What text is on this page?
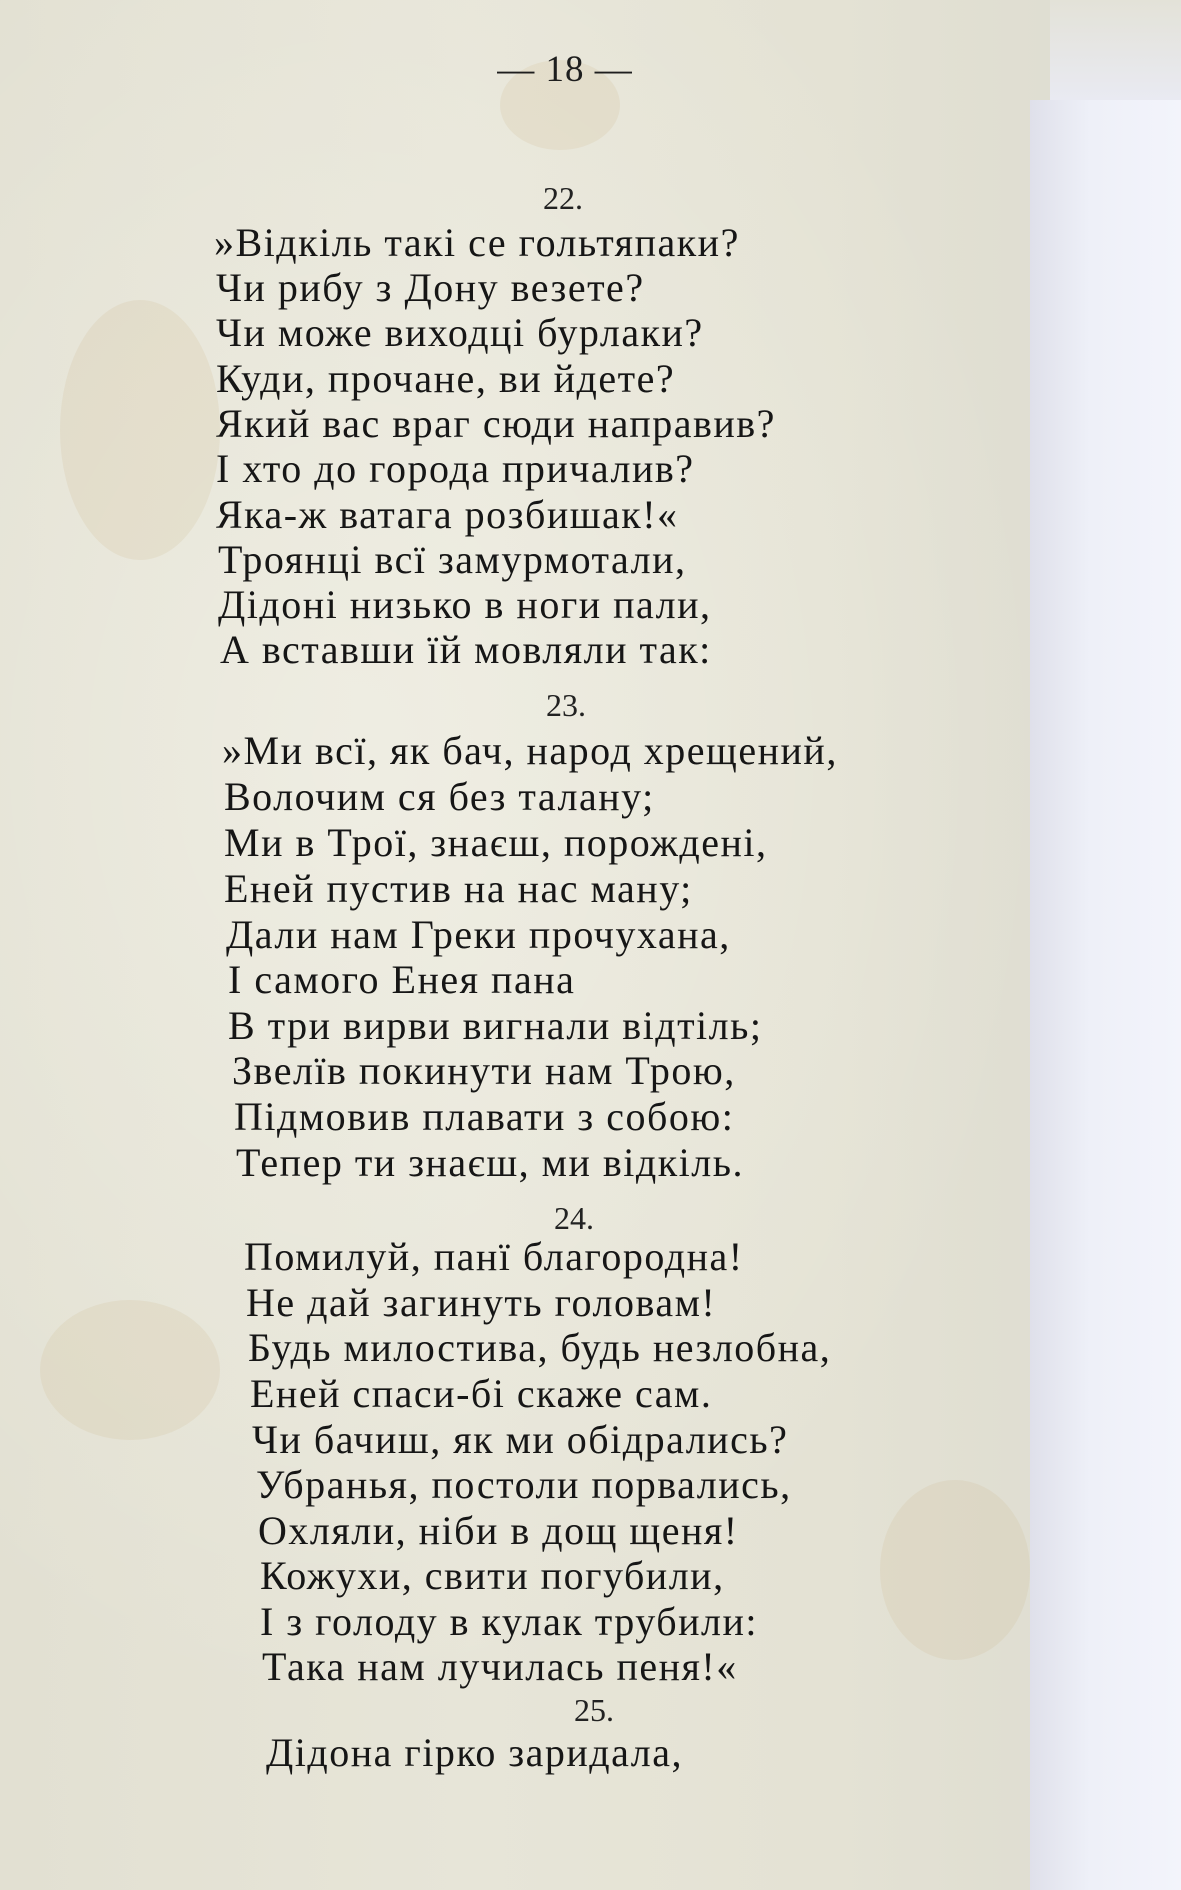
— 18 —
22.
»Відкіль такі се гольтяпаки?
Чи рибу з Дону везете?
Чи може виходці бурлаки?
Куди, прочане, ви йдете?
Який вас враг сюди направив?
І хто до города причалив?
Яка-ж ватага розбишак!«
Троянці всї замурмотали,
Дідоні низько в ноги пали,
А вставши їй мовляли так:
23.
»Ми всї, як бач, народ хрещений,
Волочим ся без талану;
Ми в Трої, знаєш, порождені,
Еней пустив на нас ману;
Дали нам Греки прочухана,
І самого Енея пана
В три вирви вигнали відтіль;
Звелїв покинути нам Трою,
Підмовив плавати з собою:
Тепер ти знаєш, ми відкіль.
24.
Помилуй, панї благородна!
Не дай загинуть головам!
Будь милостива, будь незлобна,
Еней спаси-бі скаже сам.
Чи бачиш, як ми обідрались?
Убранья, постоли порвались,
Охляли, ніби в дощ щеня!
Кожухи, свити погубили,
І з голоду в кулак трубили:
Така нам лучилась пеня!«
25.
Дідона гірко заридала,
